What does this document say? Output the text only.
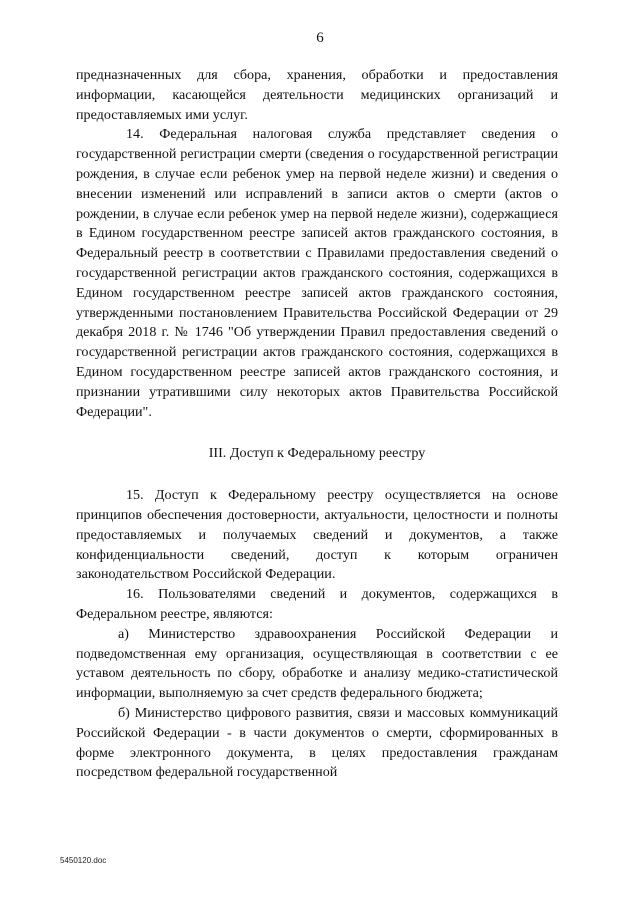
6

предназначенных для сбора, хранения, обработки и предоставления информации, касающейся деятельности медицинских организаций и предоставляемых ими услуг.

14. Федеральная налоговая служба представляет сведения о государственной регистрации смерти (сведения о государственной регистрации рождения, в случае если ребенок умер на первой неделе жизни) и сведения о внесении изменений или исправлений в записи актов о смерти (актов о рождении, в случае если ребенок умер на первой неделе жизни), содержащиеся в Едином государственном реестре записей актов гражданского состояния, в Федеральный реестр в соответствии с Правилами предоставления сведений о государственной регистрации актов гражданского состояния, содержащихся в Едином государственном реестре записей актов гражданского состояния, утвержденными постановлением Правительства Российской Федерации от 29 декабря 2018 г. № 1746 "Об утверждении Правил предоставления сведений о государственной регистрации актов гражданского состояния, содержащихся в Едином государственном реестре записей актов гражданского состояния, и признании утратившими силу некоторых актов Правительства Российской Федерации".

III. Доступ к Федеральному реестру

15. Доступ к Федеральному реестру осуществляется на основе принципов обеспечения достоверности, актуальности, целостности и полноты предоставляемых и получаемых сведений и документов, а также конфиденциальности сведений, доступ к которым ограничен законодательством Российской Федерации.

16. Пользователями сведений и документов, содержащихся в Федеральном реестре, являются:

а) Министерство здравоохранения Российской Федерации и подведомственная ему организация, осуществляющая в соответствии с ее уставом деятельность по сбору, обработке и анализу медико-статистической информации, выполняемую за счет средств федерального бюджета;

б) Министерство цифрового развития, связи и массовых коммуникаций Российской Федерации - в части документов о смерти, сформированных в форме электронного документа, в целях предоставления гражданам посредством федеральной государственной

5450120.doc
